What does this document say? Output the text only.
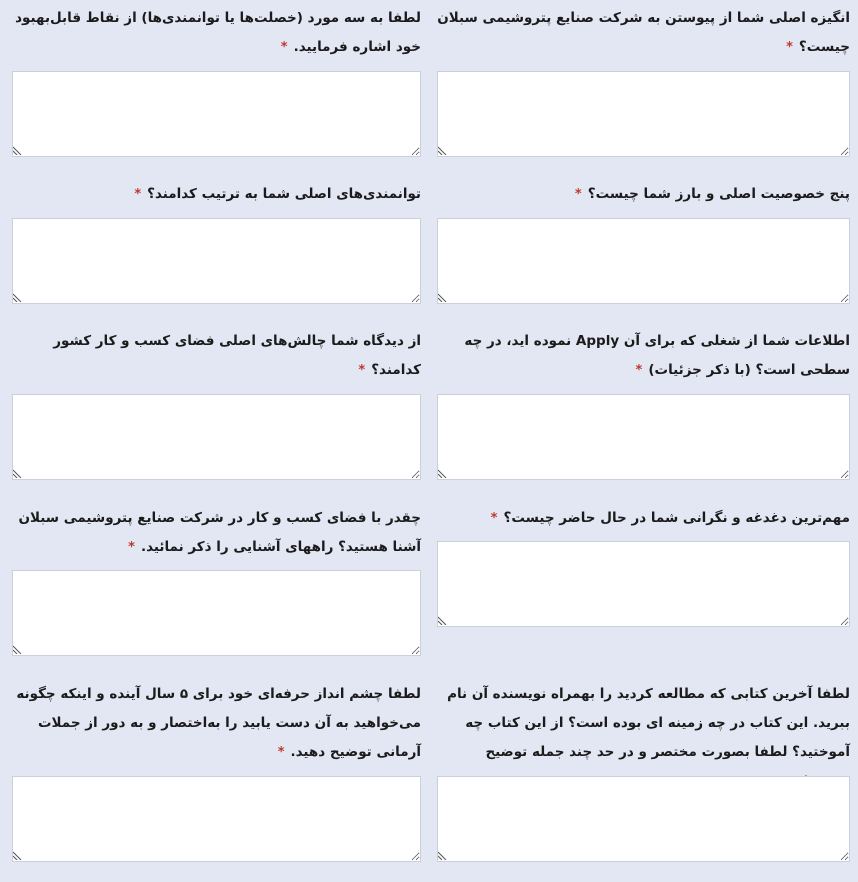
انگیزه اصلی شما از پیوستن به شرکت صنایع پتروشیمی سبلان چیست؟*

لطفا به سه مورد (خصلت‌ها یا توانمندی‌ها) از نقاط قابل‌بهبود خود اشاره فرمایید.*

پنج خصوصیت اصلی و بارز شما چیست؟*

توانمندی‌های اصلی شما به ترتیب کدامند؟*

اطلاعات شما از شغلی که برای آن Apply نموده اید، در چه سطحی است؟ (با ذکر جزئیات)*

از دیدگاه شما چالش‌های اصلی فضای کسب و کار کشور کدامند؟*

مهم‌ترین دغدغه و نگرانی شما در حال حاضر چیست؟*

چقدر با فضای کسب و کار در شرکت صنایع پتروشیمی سبلان آشنا هستید؟ راههای آشنایی را ذکر نمائید.*

لطفا آخرین کتابی که مطالعه کردید را بهمراه نویسنده آن نام ببرید. این کتاب در چه زمینه ای بوده است؟ از این کتاب چه آموختید؟ لطفا بصورت مختصر و در حد چند جمله توضیح

لطفا چشم انداز حرفه‌ای خود برای ۵ سال آینده و اینکه چگونه می‌خواهید به آن دست یابید را به‌اختصار و به دور از جملات آرمانی توضیح دهید.*
